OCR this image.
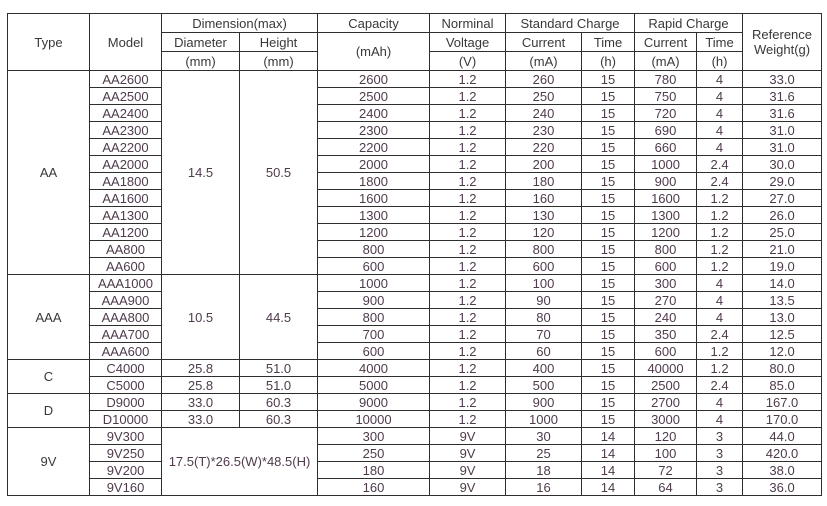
Type	Model	Dimension(max)		Capacity	Norminal	Standard Charge		Rapid Charge		Reference
Weight(g)
		Diameter	Height	(mAh)	Voltage	Current	Time	Current	Time	
		(mm)	(mm)		(V)	(mA)	(h)	(mA)	(h)	
AA	AA2600	14.5	50.5	2600	1.2	260	15	780	4	33.0
	AA2500			2500	1.2	250	15	750	4	31.6
	AA2400			2400	1.2	240	15	720	4	31.6
	AA2300			2300	1.2	230	15	690	4	31.0
	AA2200			2200	1.2	220	15	660	4	31.0
	AA2000			2000	1.2	200	15	1000	2.4	30.0
	AA1800			1800	1.2	180	15	900	2.4	29.0
	AA1600			1600	1.2	160	15	1600	1.2	27.0
	AA1300			1300	1.2	130	15	1300	1.2	26.0
	AA1200			1200	1.2	120	15	1200	1.2	25.0
	AA800			800	1.2	800	15	800	1.2	21.0
	AA600			600	1.2	600	15	600	1.2	19.0
AAA	AAA1000	10.5	44.5	1000	1.2	100	15	300	4	14.0
	AAA900			900	1.2	90	15	270	4	13.5
	AAA800			800	1.2	80	15	240	4	13.0
	AAA700			700	1.2	70	15	350	2.4	12.5
	AAA600			600	1.2	60	15	600	1.2	12.0
C	C4000	25.8	51.0	4000	1.2	400	15	40000	1.2	80.0
	C5000	25.8	51.0	5000	1.2	500	15	2500	2.4	85.0
D	D9000	33.0	60.3	9000	1.2	900	15	2700	4	167.0
	D10000	33.0	60.3	10000	1.2	1000	15	3000	4	170.0
9V	9V300	17.5(T)*26.5(W)*48.5(H)		300	9V	30	14	120	3	44.0
	9V250			250	9V	25	14	100	3	420.0
	9V200			180	9V	18	14	72	3	38.0
	9V160			160	9V	16	14	64	3	36.0
